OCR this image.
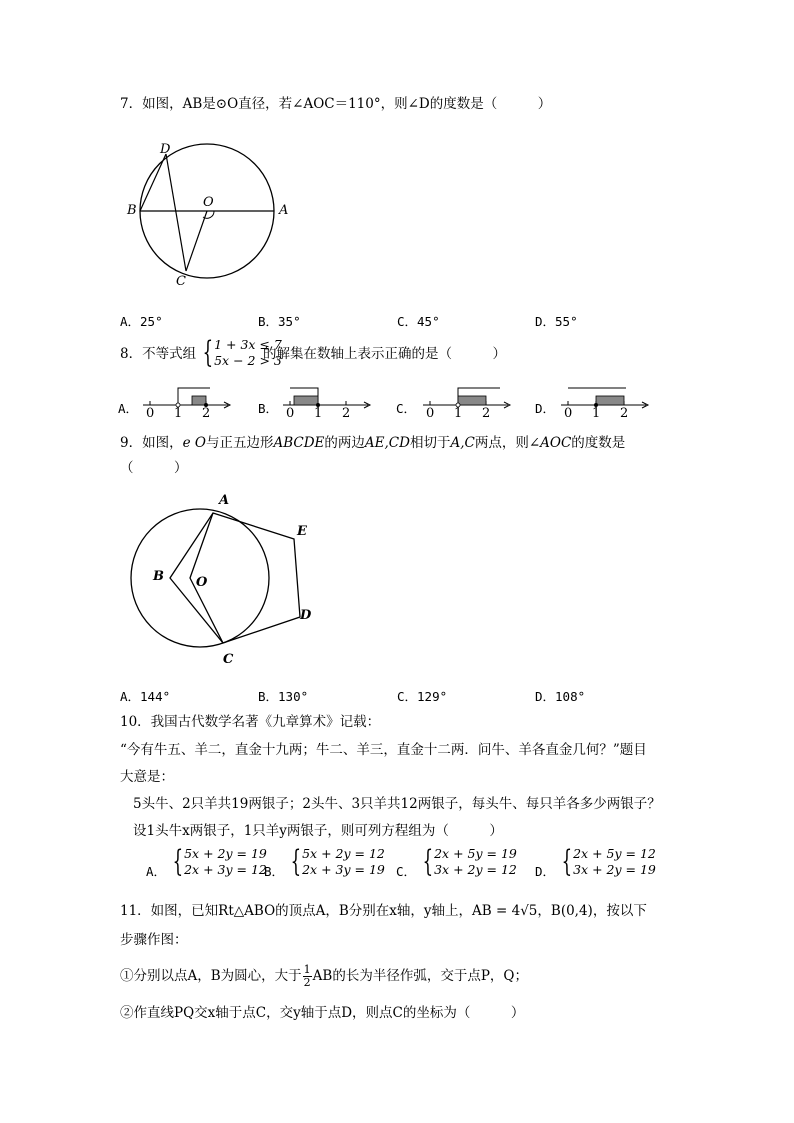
7．如图，AB是⊙O直径，若∠AOC＝110°，则∠D的度数是（　　　）
D
B
O
A
C
A．25°	B．35°	C．45°	D．55°
8．不等式组 { 1 + 3x ≤ 7
5x − 2 > 3
的解集在数轴上表示正确的是（　　　）
A． 0 1 2	B． 0 1 2	C． 0 1 2	D． 0 1 2
9．如图，e O与正五边形ABCDE的两边AE,CD相切于A,C两点，则∠AOC的度数是
（　　　）
A
E
B O
D
C
A．144°	B．130°	C．129°	D．108°
10．我国古代数学名著《九章算术》记载：
“今有牛五、羊二，直金十九两；牛二、羊三，直金十二两．问牛、羊各直金几何？”题目
大意是：
5头牛、2只羊共19两银子；2头牛、3只羊共12两银子，每头牛、每只羊各多少两银子？
设1头牛x两银子，1只羊y两银子，则可列方程组为（　　　）
A． { 5x + 2y = 19
2x + 3y = 12
B． { 5x + 2y = 12
2x + 3y = 19 C． { 2x + 5y = 19
3x + 2y = 12 D． { 2x + 5y = 12
3x + 2y = 19
11．如图，已知Rt△ABO的顶点A，B分别在x轴，y轴上，AB = 4√5，B(0,4)，按以下
步骤作图：
①分别以点A，B为圆心，大于 $\frac{1}{2}$ AB的长为半径作弧，交于点P，Q；
②作直线PQ交x轴于点C，交y轴于点D，则点C的坐标为（　　　）
